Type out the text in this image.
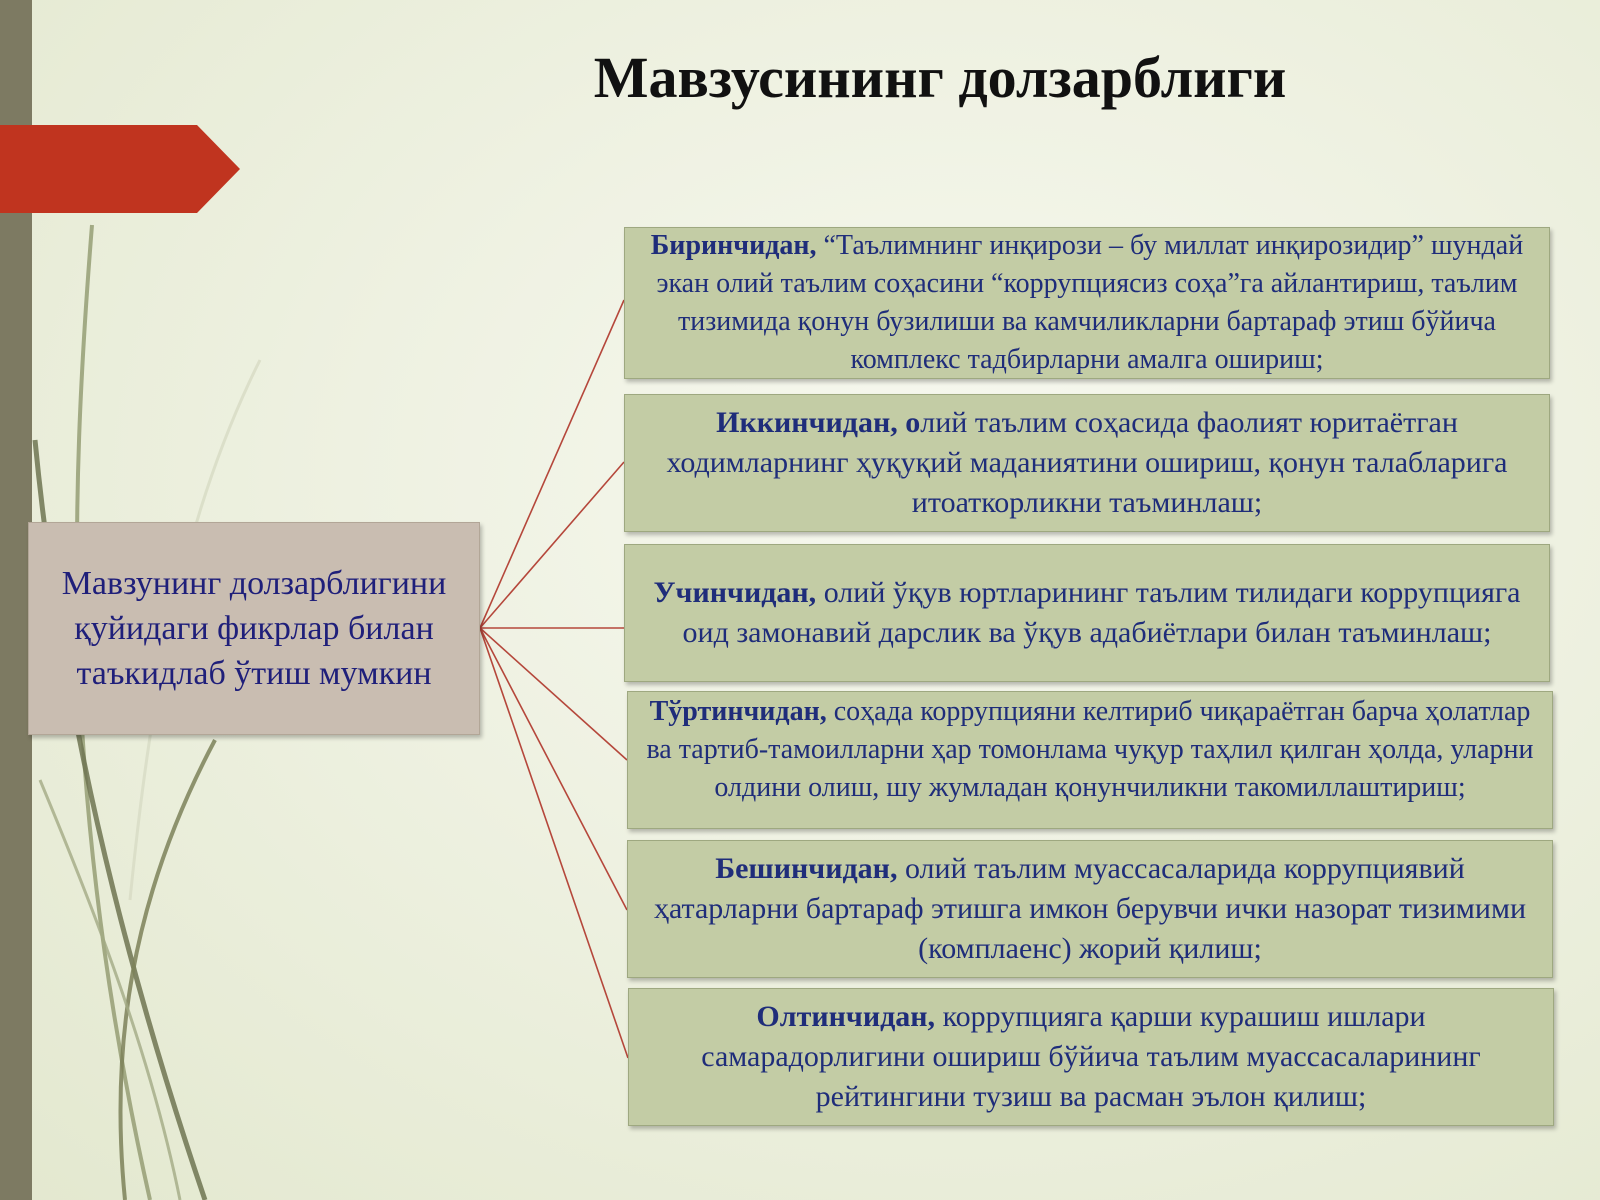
Мавзусининг долзарблиги
Мавзунинг долзарблигини қуйидаги фикрлар билан таъкидлаб ўтиш мумкин
Биринчидан, “Таълимнинг инқирози – бу миллат инқирозидир” шундай экан олий таълим соҳасини “коррупциясиз соҳа”га айлантириш, таълим тизимида қонун бузилиши ва камчиликларни бартараф этиш бўйича комплекс тадбирларни амалга ошириш;
Иккинчидан, олий таълим соҳасида фаолият юритаётган ходимларнинг ҳуқуқий маданиятини ошириш, қонун талабларига итоаткорликни таъминлаш;
Учинчидан, олий ўқув юртларининг таълим тилидаги коррупцияга оид замонавий дарслик ва ўқув адабиётлари билан таъминлаш;
Тўртинчидан, соҳада коррупцияни келтириб чиқараётган барча ҳолатлар ва тартиб-тамоилларни ҳар томонлама чуқур таҳлил қилган ҳолда, уларни олдини олиш, шу жумладан қонунчиликни такомиллаштириш;
Бешинчидан, олий таълим муассасаларида коррупциявий ҳатарларни бартараф этишга имкон берувчи ички назорат тизимими (комплаенс) жорий қилиш;
Олтинчидан, коррупцияга қарши курашиш ишлари самарадорлигини ошириш бўйича таълим муассасаларининг рейтингини тузиш ва расман эълон қилиш;
